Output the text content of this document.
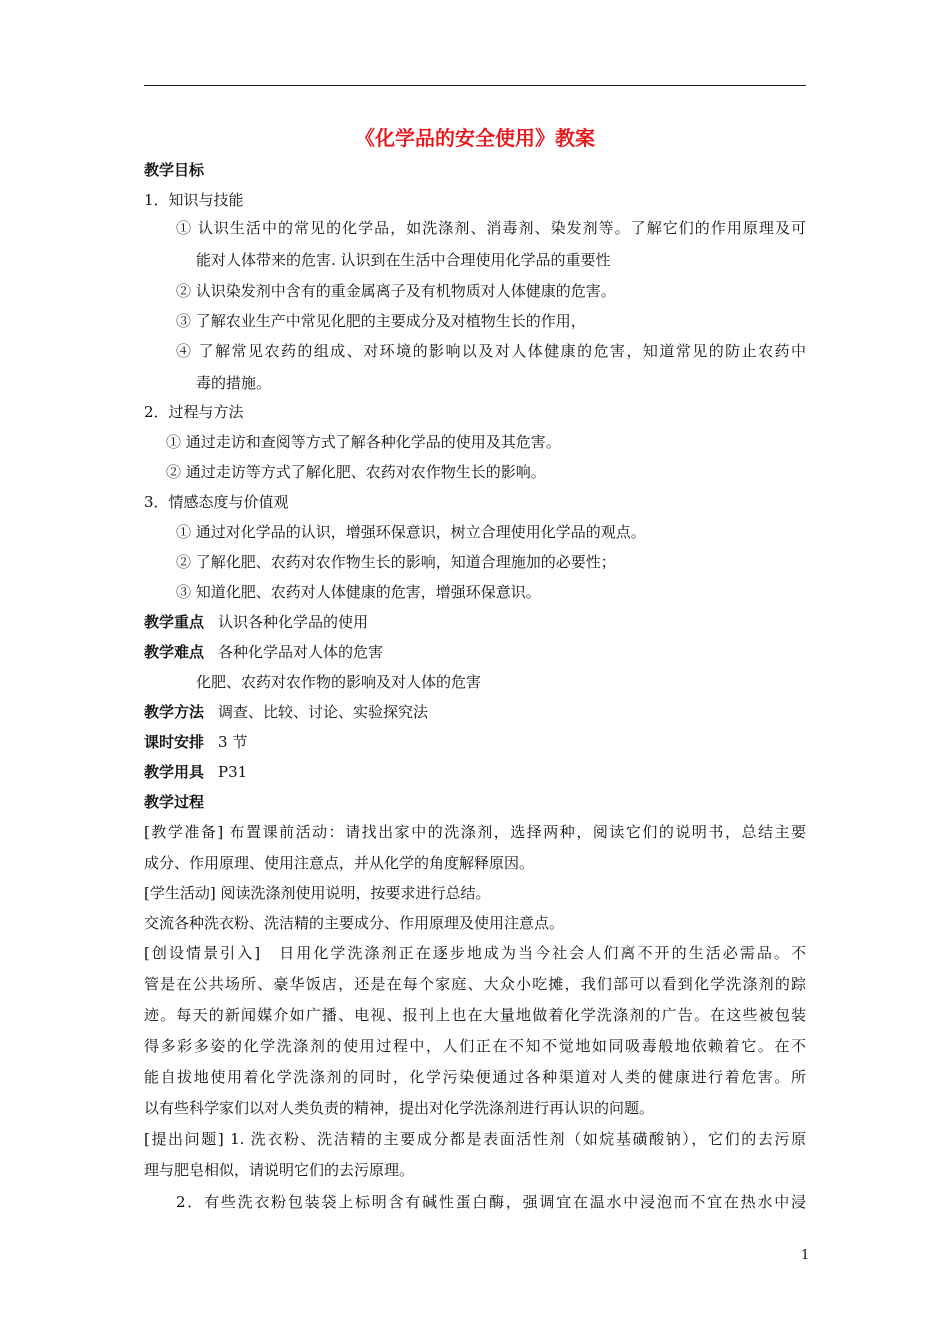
《化学品的安全使用》教案
教学目标
1．知识与技能
① 认识生活中的常见的化学品，如洗涤剂、消毒剂、染发剂等。了解它们的作用原理及可
能对人体带来的危害. 认识到在生活中合理使用化学品的重要性
② 认识染发剂中含有的重金属离子及有机物质对人体健康的危害。
③ 了解农业生产中常见化肥的主要成分及对植物生长的作用，
④ 了解常见农药的组成、对环境的影响以及对人体健康的危害，知道常见的防止农药中
毒的措施。
2．过程与方法
① 通过走访和查阅等方式了解各种化学品的使用及其危害。
② 通过走访等方式了解化肥、农药对农作物生长的影响。
3．情感态度与价值观
① 通过对化学品的认识，增强环保意识，树立合理使用化学品的观点。
② 了解化肥、农药对农作物生长的影响，知道合理施加的必要性；
③ 知道化肥、农药对人体健康的危害，增强环保意识。
教学重点 认识各种化学品的使用
教学难点 各种化学品对人体的危害
化肥、农药对农作物的影响及对人体的危害
教学方法 调查、比较、讨论、实验探究法
课时安排 3 节
教学用具 P31
教学过程
[教学准备] 布置课前活动：请找出家中的洗涤剂，选择两种，阅读它们的说明书，总结主要
成分、作用原理、使用注意点，并从化学的角度解释原因。
[学生活动] 阅读洗涤剂使用说明，按要求进行总结。
交流各种洗衣粉、洗洁精的主要成分、作用原理及使用注意点。
[创设情景引入]　日用化学洗涤剂正在逐步地成为当今社会人们离不开的生活必需品。不
管是在公共场所、豪华饭店，还是在每个家庭、大众小吃摊，我们部可以看到化学洗涤剂的踪
迹。每天的新闻媒介如广播、电视、报刊上也在大量地做着化学洗涤剂的广告。在这些被包装
得多彩多姿的化学洗涤剂的使用过程中，人们正在不知不觉地如同吸毒般地依赖着它。在不
能自拔地使用着化学洗涤剂的同时，化学污染便通过各种渠道对人类的健康进行着危害。所
以有些科学家们以对人类负责的精神，提出对化学洗涤剂进行再认识的问题。
[提出问题] 1. 洗衣粉、洗洁精的主要成分都是表面活性剂（如烷基磺酸钠），它们的去污原
理与肥皂相似，请说明它们的去污原理。
2．有些洗衣粉包装袋上标明含有碱性蛋白酶，强调宜在温水中浸泡而不宜在热水中浸
1
